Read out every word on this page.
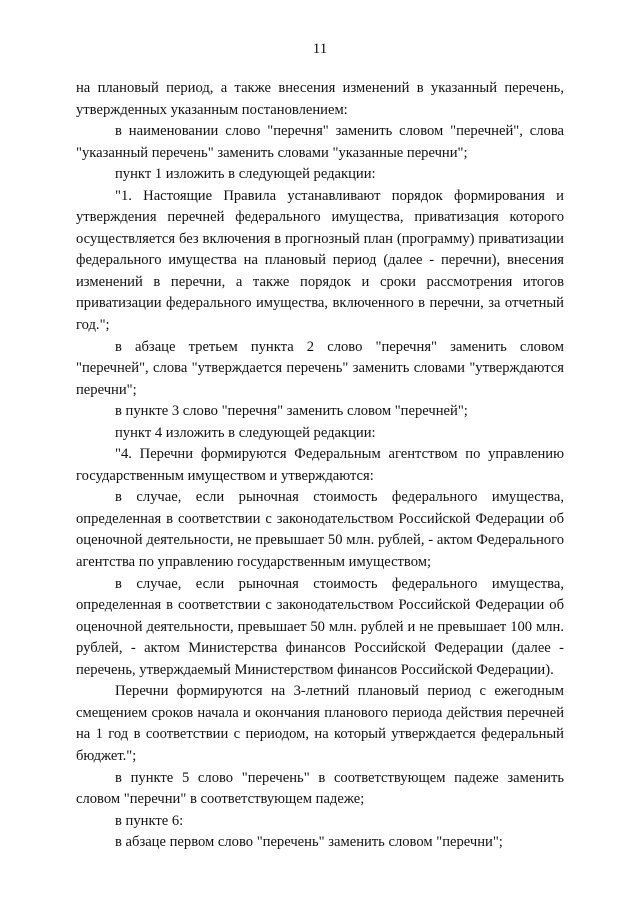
11

на плановый период, а также внесения изменений в указанный перечень, утвержденных указанным постановлением:

в наименовании слово "перечня" заменить словом "перечней", слова "указанный перечень" заменить словами "указанные перечни";

пункт 1 изложить в следующей редакции:

"1. Настоящие Правила устанавливают порядок формирования и утверждения перечней федерального имущества, приватизация которого осуществляется без включения в прогнозный план (программу) приватизации федерального имущества на плановый период (далее - перечни), внесения изменений в перечни, а также порядок и сроки рассмотрения итогов приватизации федерального имущества, включенного в перечни, за отчетный год.";

в абзаце третьем пункта 2 слово "перечня" заменить словом "перечней", слова "утверждается перечень" заменить словами "утверждаются перечни";

в пункте 3 слово "перечня" заменить словом "перечней";

пункт 4 изложить в следующей редакции:

"4. Перечни формируются Федеральным агентством по управлению государственным имуществом и утверждаются:

в случае, если рыночная стоимость федерального имущества, определенная в соответствии с законодательством Российской Федерации об оценочной деятельности, не превышает 50 млн. рублей, - актом Федерального агентства по управлению государственным имуществом;

в случае, если рыночная стоимость федерального имущества, определенная в соответствии с законодательством Российской Федерации об оценочной деятельности, превышает 50 млн. рублей и не превышает 100 млн. рублей, - актом Министерства финансов Российской Федерации (далее - перечень, утверждаемый Министерством финансов Российской Федерации).

Перечни формируются на 3-летний плановый период с ежегодным смещением сроков начала и окончания планового периода действия перечней на 1 год в соответствии с периодом, на который утверждается федеральный бюджет.";

в пункте 5 слово "перечень" в соответствующем падеже заменить словом "перечни" в соответствующем падеже;

в пункте 6:

в абзаце первом слово "перечень" заменить словом "перечни";
